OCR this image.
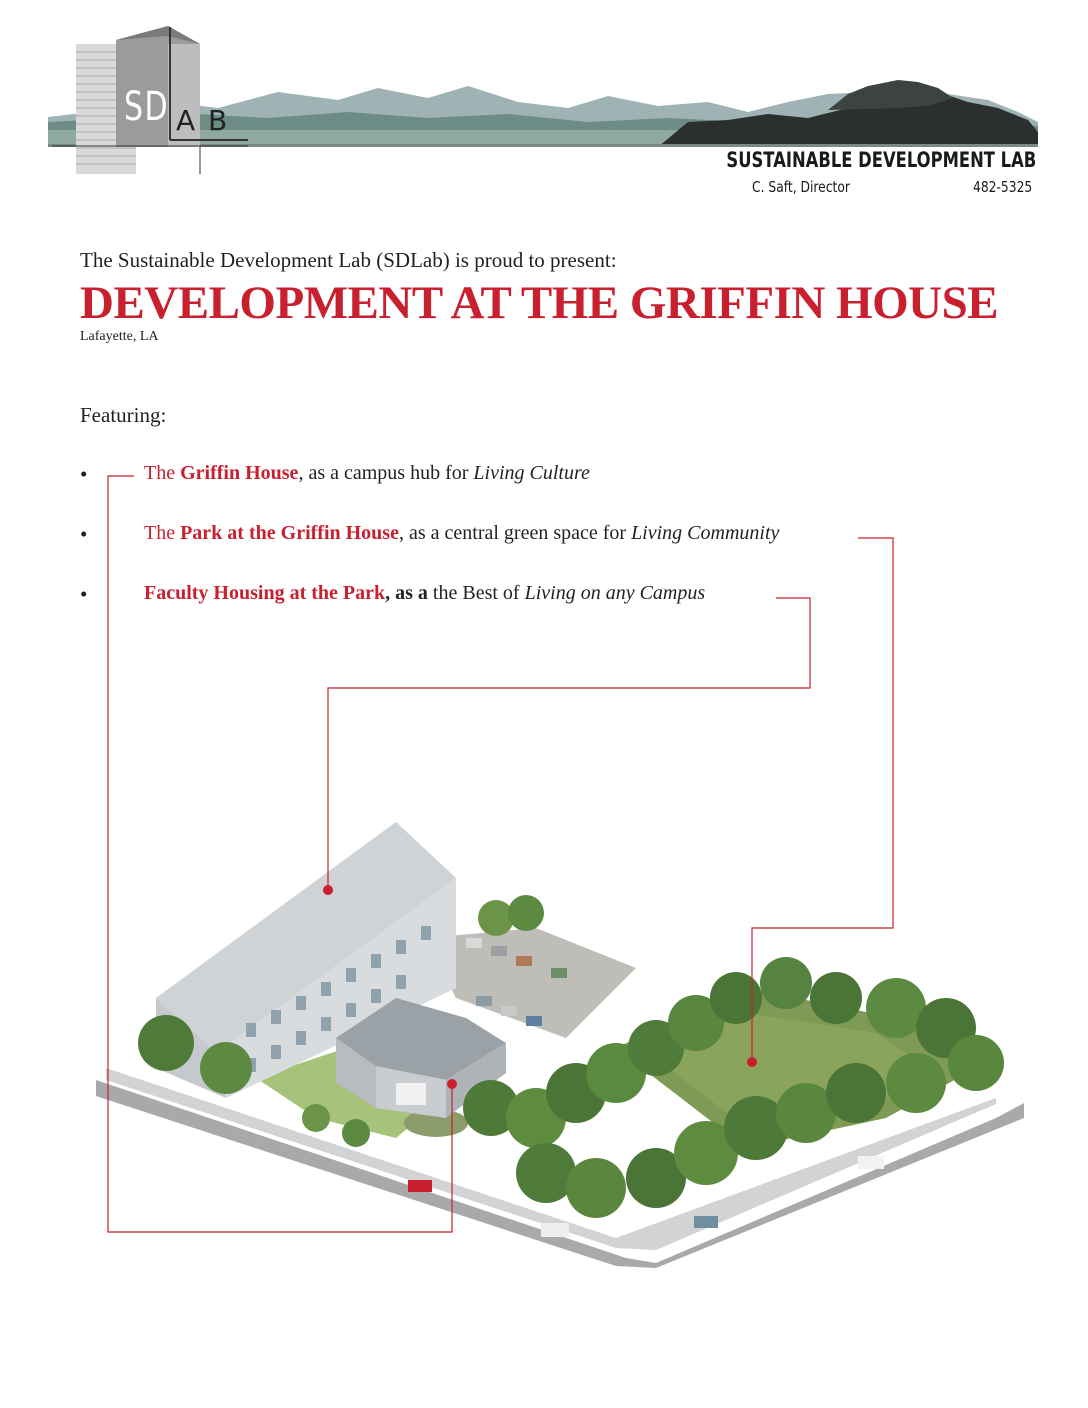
SD A B
SUSTAINABLE DEVELOPMENT LAB
C. Saft, Director	482-5325
The Sustainable Development Lab (SDLab) is proud to present:
DEVELOPMENT AT THE GRIFFIN HOUSE
Lafayette, LA
Featuring:
•	The Griffin House, as a campus hub for Living Culture
•	The Park at the Griffin House, as a central green space for Living Community
•	Faculty Housing at the Park, as a the Best of Living on any Campus
